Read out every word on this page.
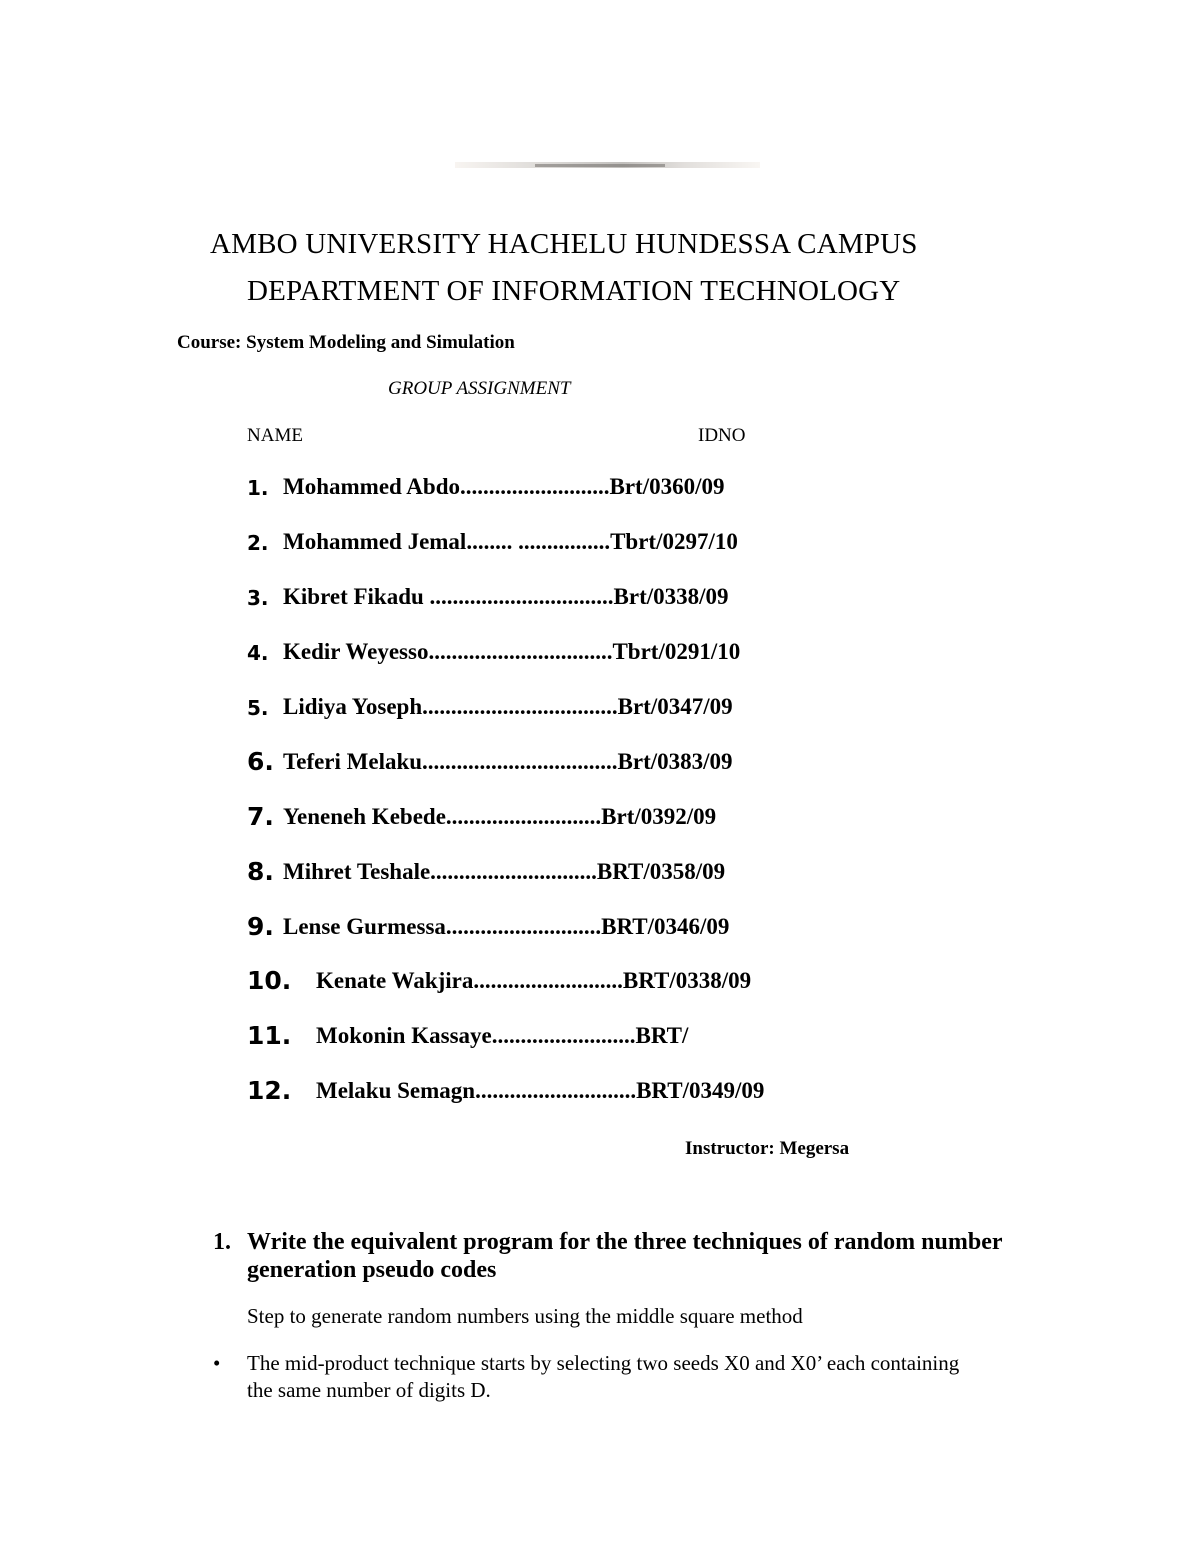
AMBO UNIVERSITY HACHELU HUNDESSA CAMPUS
DEPARTMENT OF INFORMATION TECHNOLOGY
Course: System Modeling and Simulation
GROUP ASSIGNMENT
NAME	IDNO
1. Mohammed Abdo..........................Brt/0360/09
2. Mohammed Jemal........ ................Tbrt/0297/10
3. Kibret Fikadu ................................Brt/0338/09
4. Kedir Weyesso................................Tbrt/0291/10
5. Lidiya Yoseph..................................Brt/0347/09
6. Teferi Melaku..................................Brt/0383/09
7. Yeneneh Kebede...........................Brt/0392/09
8. Mihret Teshale.............................BRT/0358/09
9. Lense Gurmessa...........................BRT/0346/09
10. Kenate Wakjira..........................BRT/0338/09
11. Mokonin Kassaye.........................BRT/
12. Melaku Semagn............................BRT/0349/09
Instructor: Megersa
1. Write the equivalent program for the three techniques of random number generation pseudo codes
Step to generate random numbers using the middle square method
• The mid-product technique starts by selecting two seeds X0 and X0’ each containing the same number of digits D.
